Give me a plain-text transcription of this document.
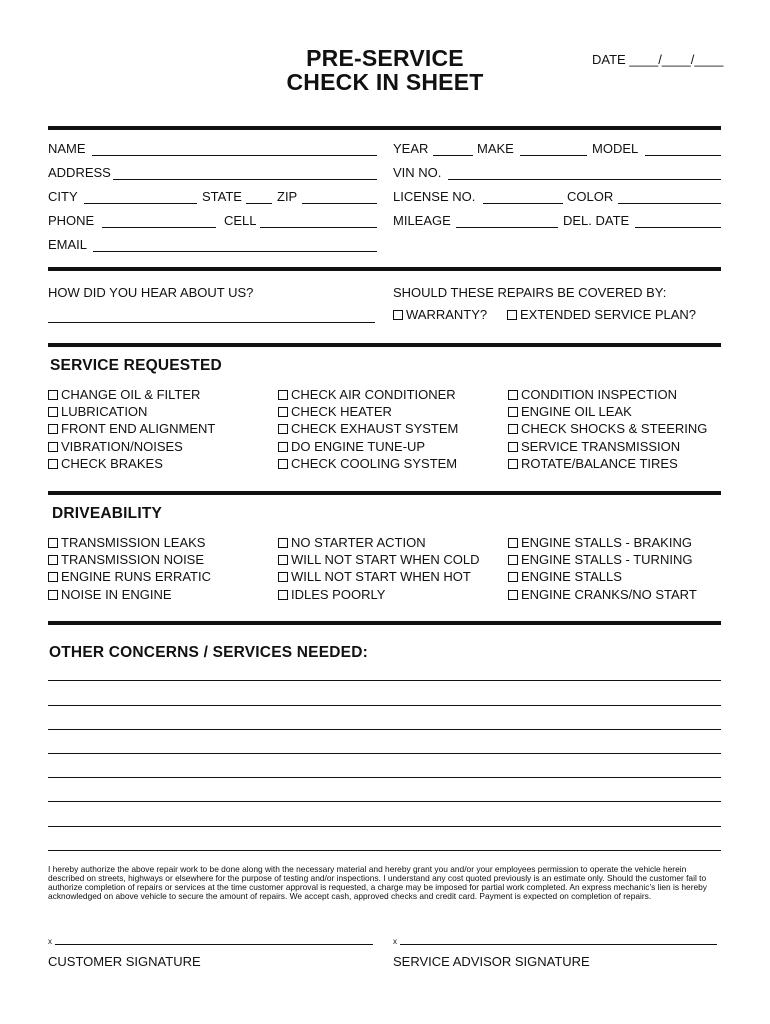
PRE-SERVICE
CHECK IN SHEET
DATE ____/____/____
NAME
ADDRESS
CITY	STATE	ZIP
PHONE	CELL
EMAIL
YEAR	MAKE	MODEL
VIN NO.
LICENSE NO.	COLOR
MILEAGE	DEL. DATE
HOW DID YOU HEAR ABOUT US?	SHOULD THESE REPAIRS BE COVERED BY:
WARRANTY?	EXTENDED SERVICE PLAN?
SERVICE REQUESTED
CHANGE OIL & FILTER
LUBRICATION
FRONT END ALIGNMENT
VIBRATION/NOISES
CHECK BRAKES
CHECK AIR CONDITIONER
CHECK HEATER
CHECK EXHAUST SYSTEM
DO ENGINE TUNE-UP
CHECK COOLING SYSTEM
CONDITION INSPECTION
ENGINE OIL LEAK
CHECK SHOCKS & STEERING
SERVICE TRANSMISSION
ROTATE/BALANCE TIRES
DRIVEABILITY
TRANSMISSION LEAKS
TRANSMISSION NOISE
ENGINE RUNS ERRATIC
NOISE IN ENGINE
NO STARTER ACTION
WILL NOT START WHEN COLD
WILL NOT START WHEN HOT
IDLES POORLY
ENGINE STALLS - BRAKING
ENGINE STALLS - TURNING
ENGINE STALLS
ENGINE CRANKS/NO START
OTHER CONCERNS / SERVICES NEEDED:
I hereby authorize the above repair work to be done along with the necessary material and hereby grant you and/or your employees permission to operate the vehicle herein described on streets, highways or elsewhere for the purpose of testing and/or inspections. I understand any cost quoted previously is an estimate only. Should the customer fail to authorize completion of repairs or services at the time customer approval is requested, a charge may be imposed for partial work completed. An express mechanic’s lien is hereby acknowledged on above vehicle to secure the amount of repairs. We accept cash, approved checks and credit card. Payment is expected on completion of repairs.
x	x
CUSTOMER SIGNATURE	SERVICE ADVISOR SIGNATURE
